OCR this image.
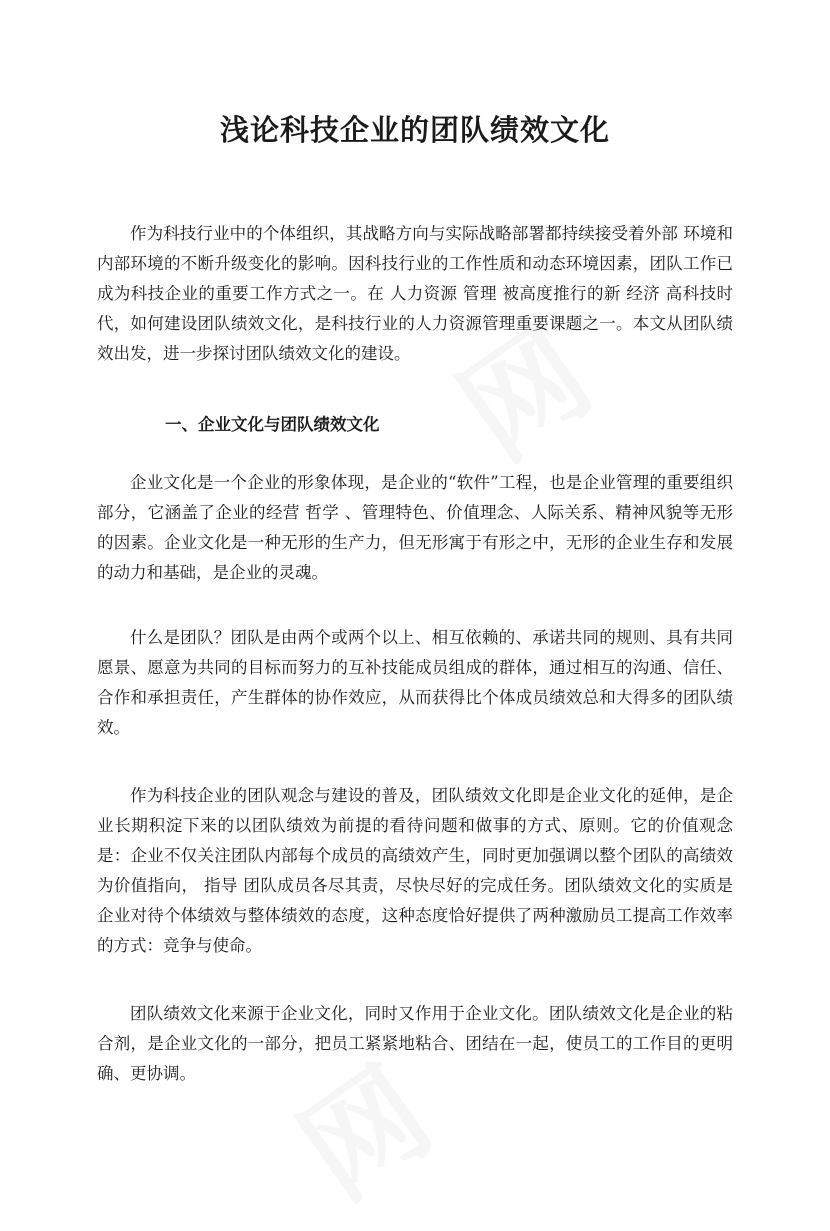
浅论科技企业的团队绩效文化

作为科技行业中的个体组织，其战略方向与实际战略部署都持续接受着外部 环境和内部环境的不断升级变化的影响。因科技行业的工作性质和动态环境因素，团队工作已成为科技企业的重要工作方式之一。在 人力资源 管理 被高度推行的新 经济 高科技时代，如何建设团队绩效文化，是科技行业的人力资源管理重要课题之一。本文从团队绩效出发，进一步探讨团队绩效文化的建设。

一、企业文化与团队绩效文化

企业文化是一个企业的形象体现，是企业的“软件”工程，也是企业管理的重要组织部分，它涵盖了企业的经营 哲学 、管理特色、价值理念、人际关系、精神风貌等无形的因素。企业文化是一种无形的生产力，但无形寓于有形之中，无形的企业生存和发展的动力和基础，是企业的灵魂。

什么是团队？团队是由两个或两个以上、相互依赖的、承诺共同的规则、具有共同愿景、愿意为共同的目标而努力的互补技能成员组成的群体，通过相互的沟通、信任、合作和承担责任，产生群体的协作效应，从而获得比个体成员绩效总和大得多的团队绩效。

作为科技企业的团队观念与建设的普及，团队绩效文化即是企业文化的延伸，是企业长期积淀下来的以团队绩效为前提的看待问题和做事的方式、原则。它的价值观念是：企业不仅关注团队内部每个成员的高绩效产生，同时更加强调以整个团队的高绩效为价值指向， 指导 团队成员各尽其责，尽快尽好的完成任务。团队绩效文化的实质是企业对待个体绩效与整体绩效的态度，这种态度恰好提供了两种激励员工提高工作效率的方式：竞争与使命。

团队绩效文化来源于企业文化，同时又作用于企业文化。团队绩效文化是企业的粘合剂，是企业文化的一部分，把员工紧紧地粘合、团结在一起，使员工的工作目的更明确、更协调。
